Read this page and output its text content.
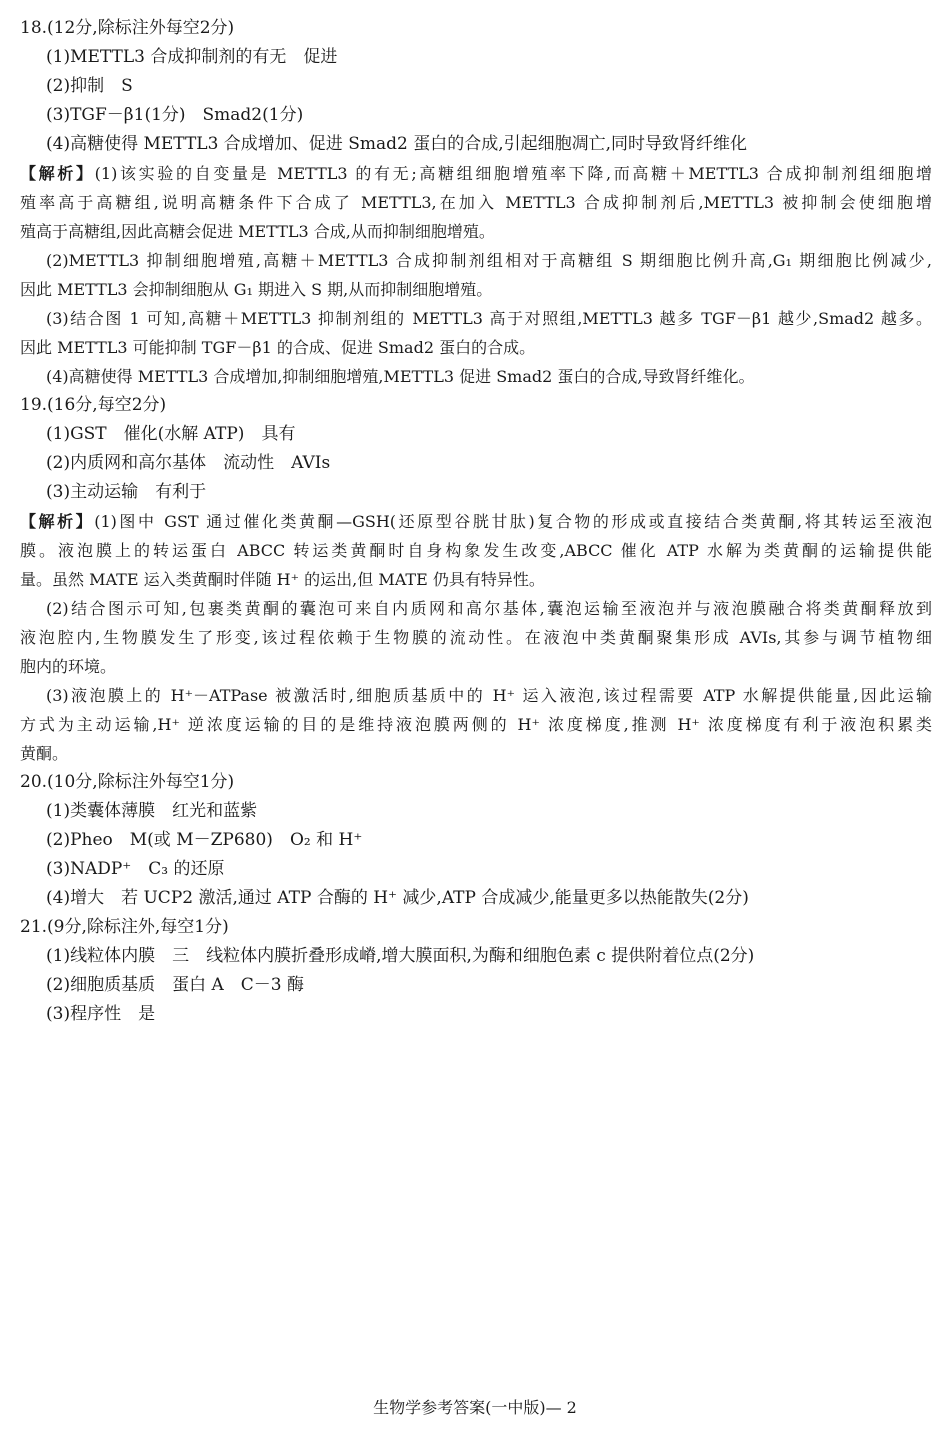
18.(12分,除标注外每空2分)
(1)METTL3 合成抑制剂的有无　促进
(2)抑制　S
(3)TGF－β1(1分)　Smad2(1分)
(4)高糖使得 METTL3 合成增加、促进 Smad2 蛋白的合成,引起细胞凋亡,同时导致肾纤维化

【解析】(1)该实验的自变量是 METTL3 的有无;高糖组细胞增殖率下降,而高糖＋METTL3 合成抑制剂组细胞增

殖率高于高糖组,说明高糖条件下合成了 METTL3,在加入 METTL3 合成抑制剂后,METTL3 被抑制会使细胞增

殖高于高糖组,因此高糖会促进 METTL3 合成,从而抑制细胞增殖。

(2)METTL3 抑制细胞增殖,高糖＋METTL3 合成抑制剂组相对于高糖组 S 期细胞比例升高,G₁ 期细胞比例减少,

因此 METTL3 会抑制细胞从 G₁ 期进入 S 期,从而抑制细胞增殖。

(3)结合图 1 可知,高糖＋METTL3 抑制剂组的 METTL3 高于对照组,METTL3 越多 TGF－β1 越少,Smad2 越多。

因此 METTL3 可能抑制 TGF－β1 的合成、促进 Smad2 蛋白的合成。

(4)高糖使得 METTL3 合成增加,抑制细胞增殖,METTL3 促进 Smad2 蛋白的合成,导致肾纤维化。

19.(16分,每空2分)
(1)GST　催化(水解 ATP)　具有
(2)内质网和高尔基体　流动性　AVIs
(3)主动运输　有利于

【解析】(1)图中 GST 通过催化类黄酮—GSH(还原型谷胱甘肽)复合物的形成或直接结合类黄酮,将其转运至液泡

膜。液泡膜上的转运蛋白 ABCC 转运类黄酮时自身构象发生改变,ABCC 催化 ATP 水解为类黄酮的运输提供能

量。虽然 MATE 运入类黄酮时伴随 H⁺ 的运出,但 MATE 仍具有特异性。

(2)结合图示可知,包裹类黄酮的囊泡可来自内质网和高尔基体,囊泡运输至液泡并与液泡膜融合将类黄酮释放到

液泡腔内,生物膜发生了形变,该过程依赖于生物膜的流动性。在液泡中类黄酮聚集形成 AVIs,其参与调节植物细

胞内的环境。

(3)液泡膜上的 H⁺－ATPase 被激活时,细胞质基质中的 H⁺ 运入液泡,该过程需要 ATP 水解提供能量,因此运输

方式为主动运输,H⁺ 逆浓度运输的目的是维持液泡膜两侧的 H⁺ 浓度梯度,推测 H⁺ 浓度梯度有利于液泡积累类

黄酮。

20.(10分,除标注外每空1分)
(1)类囊体薄膜　红光和蓝紫
(2)Pheo　M(或 M－ZP680)　O₂ 和 H⁺
(3)NADP⁺　C₃ 的还原
(4)增大　若 UCP2 激活,通过 ATP 合酶的 H⁺ 减少,ATP 合成减少,能量更多以热能散失(2分)
21.(9分,除标注外,每空1分)
(1)线粒体内膜　三　线粒体内膜折叠形成嵴,增大膜面积,为酶和细胞色素 c 提供附着位点(2分)
(2)细胞质基质　蛋白 A　C－3 酶
(3)程序性　是
生物学参考答案(一中版)— 2
